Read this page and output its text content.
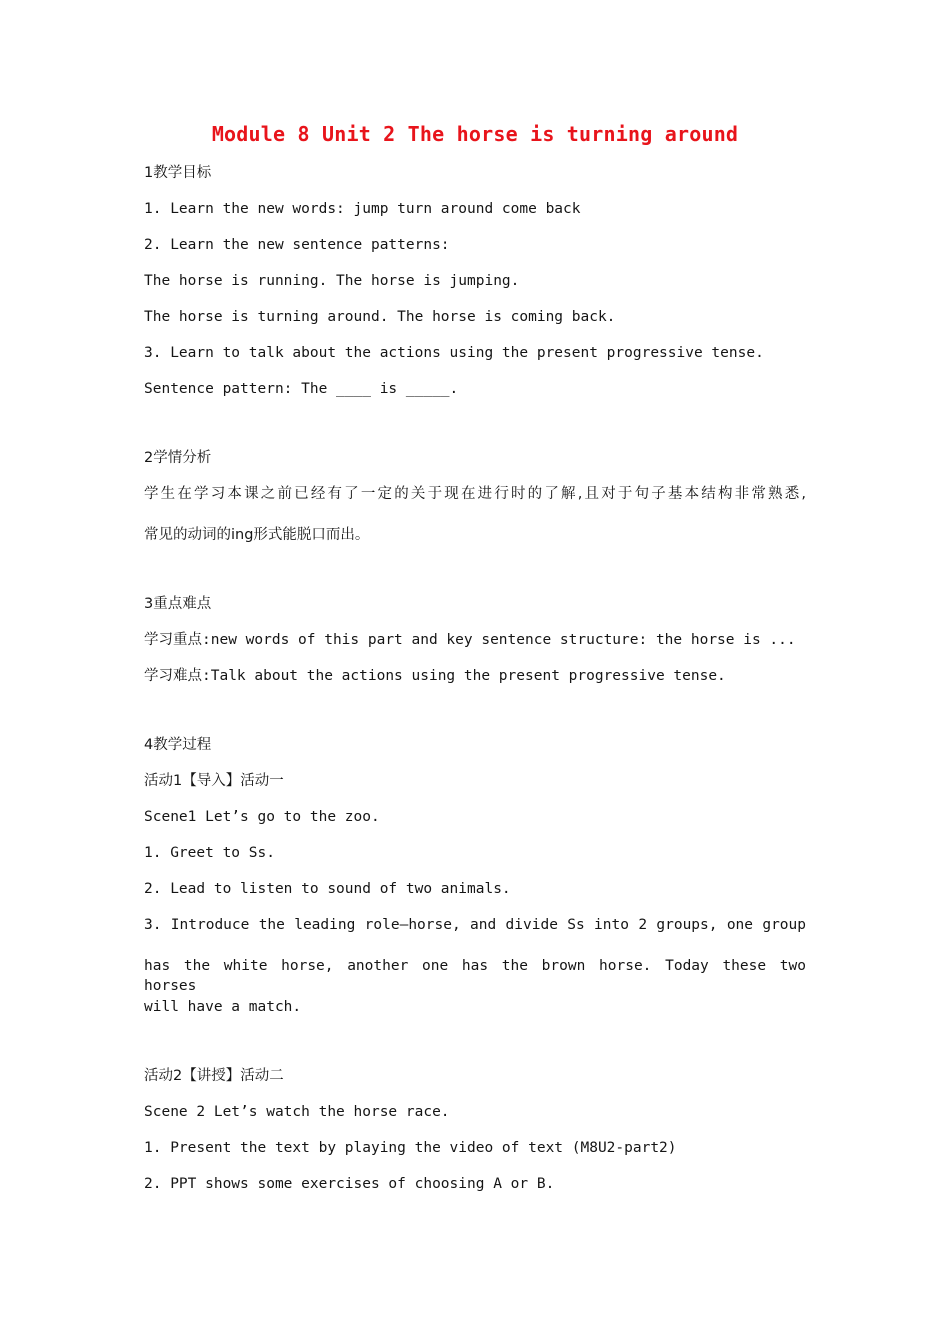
Module 8 Unit 2 The horse is turning around
1教学目标
1. Learn the new words: jump turn around come back
2. Learn the new sentence patterns:
The horse is running. The horse is jumping.
The horse is turning around. The horse is coming back.
3. Learn to talk about the actions using the present progressive tense.
Sentence pattern: The ____ is _____.
2学情分析
学生在学习本课之前已经有了一定的关于现在进行时的了解,且对于句子基本结构非常熟悉,
常见的动词的ing形式能脱口而出。
3重点难点
学习重点:new words of this part and key sentence structure: the horse is ...
学习难点:Talk about the actions using the present progressive tense.
4教学过程
活动1【导入】活动一
Scene1 Let’s go to the zoo.
1. Greet to Ss.
2. Lead to listen to sound of two animals.
3. Introduce the leading role—horse, and divide Ss into 2 groups, one group
has the white horse, another one has the brown horse. Today these two horses
will have a match.
活动2【讲授】活动二
Scene 2 Let’s watch the horse race.
1. Present the text by playing the video of text (M8U2-part2)
2. PPT shows some exercises of choosing A or B.
